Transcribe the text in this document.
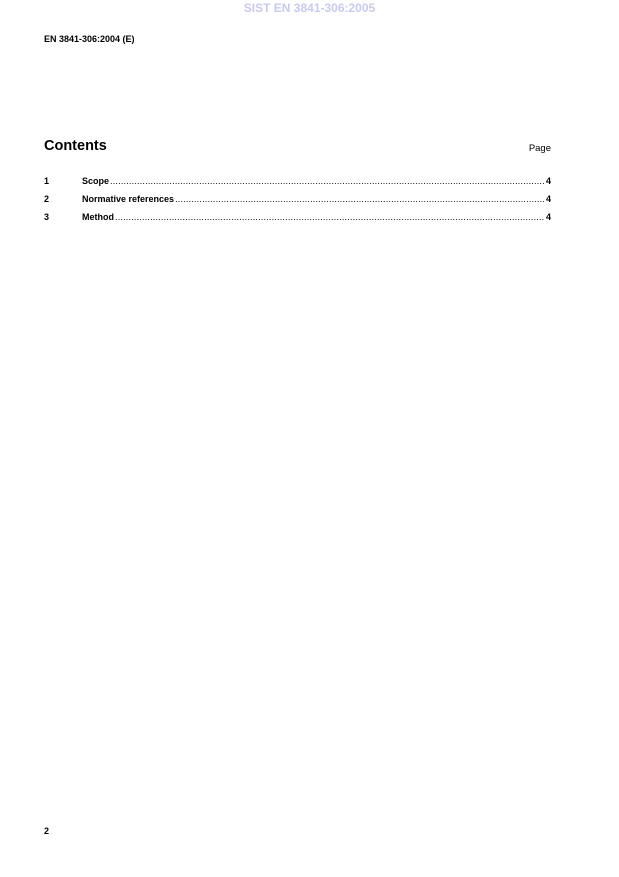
SIST EN 3841-306:2005
EN 3841-306:2004 (E)
Contents	Page
1	Scope .....	4
2	Normative references .....	4
3	Method .....	4
2
